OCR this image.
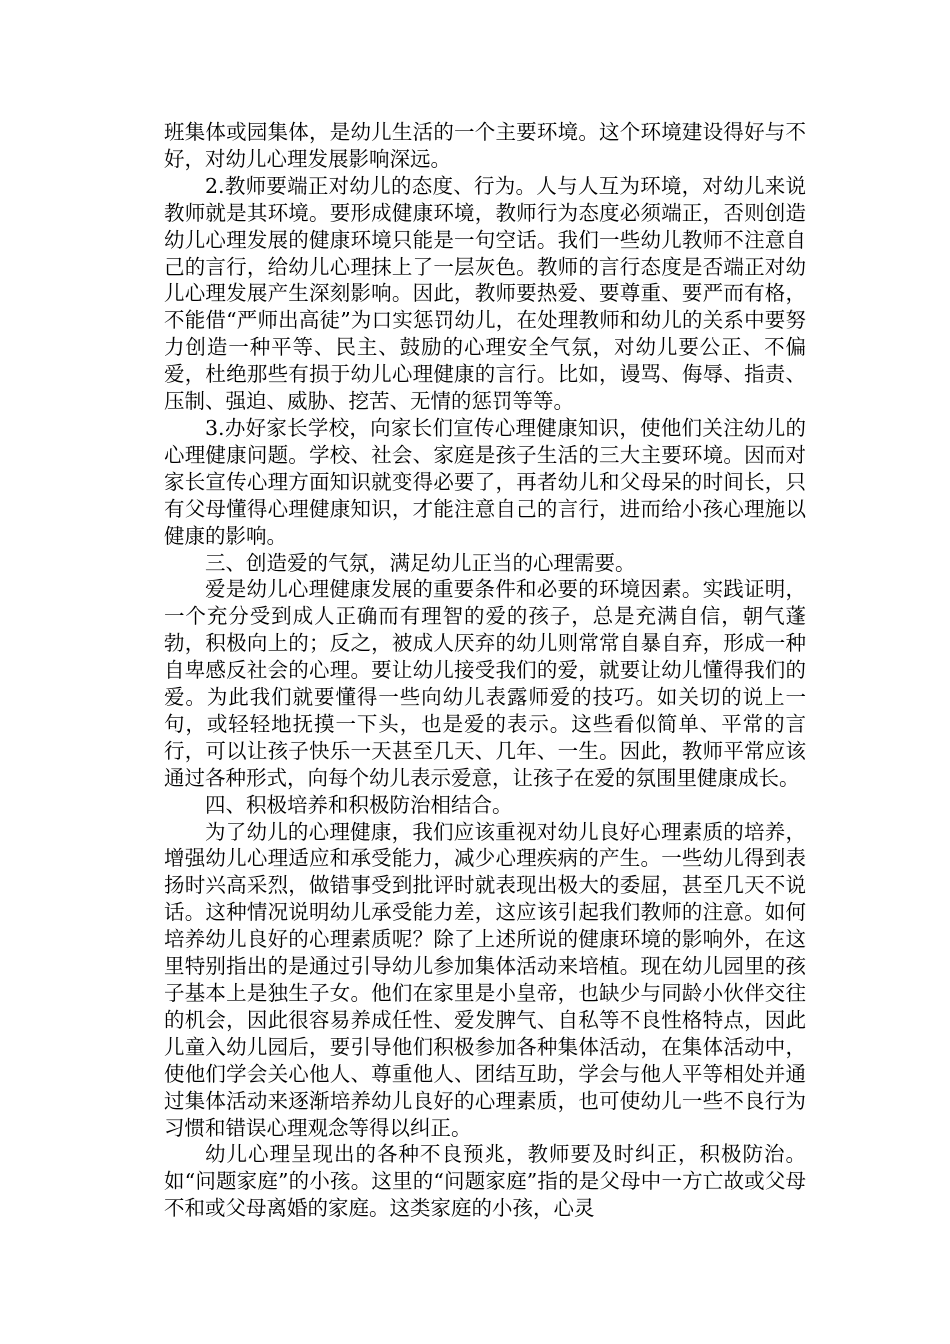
班集体或园集体，是幼儿生活的一个主要环境。这个环境建设得好与不好，对幼儿心理发展影响深远。

2.教师要端正对幼儿的态度、行为。人与人互为环境，对幼儿来说教师就是其环境。要形成健康环境，教师行为态度必须端正，否则创造幼儿心理发展的健康环境只能是一句空话。我们一些幼儿教师不注意自己的言行，给幼儿心理抹上了一层灰色。教师的言行态度是否端正对幼儿心理发展产生深刻影响。因此，教师要热爱、要尊重、要严而有格，不能借“严师出高徒”为口实惩罚幼儿，在处理教师和幼儿的关系中要努力创造一种平等、民主、鼓励的心理安全气氛，对幼儿要公正、不偏爱，杜绝那些有损于幼儿心理健康的言行。比如，谩骂、侮辱、指责、压制、强迫、威胁、挖苦、无情的惩罚等等。

3.办好家长学校，向家长们宣传心理健康知识，使他们关注幼儿的心理健康问题。学校、社会、家庭是孩子生活的三大主要环境。因而对家长宣传心理方面知识就变得必要了，再者幼儿和父母呆的时间长，只有父母懂得心理健康知识，才能注意自己的言行，进而给小孩心理施以健康的影响。

三、创造爱的气氛，满足幼儿正当的心理需要。

爱是幼儿心理健康发展的重要条件和必要的环境因素。实践证明，一个充分受到成人正确而有理智的爱的孩子，总是充满自信，朝气蓬勃，积极向上的；反之，被成人厌弃的幼儿则常常自暴自弃，形成一种自卑感反社会的心理。要让幼儿接受我们的爱，就要让幼儿懂得我们的爱。为此我们就要懂得一些向幼儿表露师爱的技巧。如关切的说上一句，或轻轻地抚摸一下头，也是爱的表示。这些看似简单、平常的言行，可以让孩子快乐一天甚至几天、几年、一生。因此，教师平常应该通过各种形式，向每个幼儿表示爱意，让孩子在爱的氛围里健康成长。

四、积极培养和积极防治相结合。

为了幼儿的心理健康，我们应该重视对幼儿良好心理素质的培养，增强幼儿心理适应和承受能力，减少心理疾病的产生。一些幼儿得到表扬时兴高采烈，做错事受到批评时就表现出极大的委屈，甚至几天不说话。这种情况说明幼儿承受能力差，这应该引起我们教师的注意。如何培养幼儿良好的心理素质呢？除了上述所说的健康环境的影响外，在这里特别指出的是通过引导幼儿参加集体活动来培植。现在幼儿园里的孩子基本上是独生子女。他们在家里是小皇帝，也缺少与同龄小伙伴交往的机会，因此很容易养成任性、爱发脾气、自私等不良性格特点，因此儿童入幼儿园后，要引导他们积极参加各种集体活动，在集体活动中，使他们学会关心他人、尊重他人、团结互助，学会与他人平等相处并通过集体活动来逐渐培养幼儿良好的心理素质，也可使幼儿一些不良行为习惯和错误心理观念等得以纠正。

幼儿心理呈现出的各种不良预兆，教师要及时纠正，积极防治。如“问题家庭”的小孩。这里的“问题家庭”指的是父母中一方亡故或父母不和或父母离婚的家庭。这类家庭的小孩，心灵
